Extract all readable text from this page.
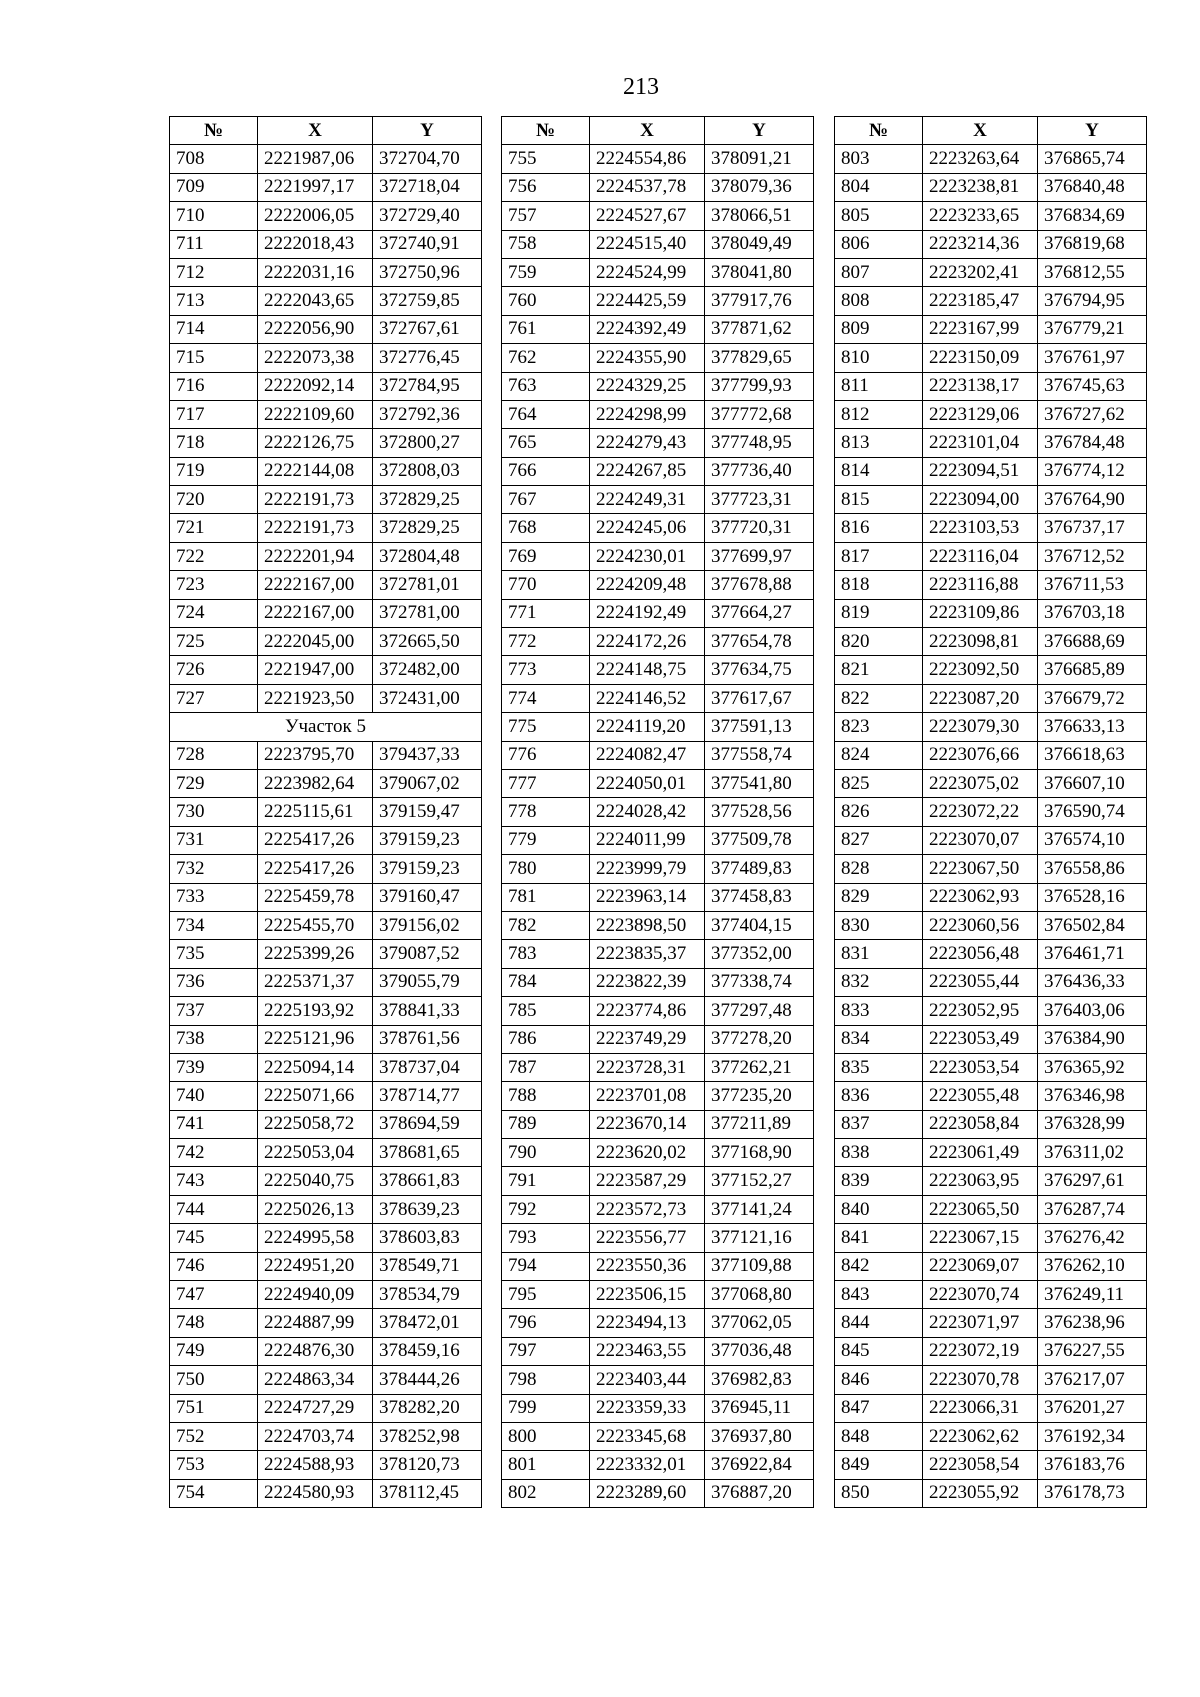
213
№	X	Y
708	2221987,06	372704,70
709	2221997,17	372718,04
710	2222006,05	372729,40
711	2222018,43	372740,91
712	2222031,16	372750,96
713	2222043,65	372759,85
714	2222056,90	372767,61
715	2222073,38	372776,45
716	2222092,14	372784,95
717	2222109,60	372792,36
718	2222126,75	372800,27
719	2222144,08	372808,03
720	2222191,73	372829,25
721	2222191,73	372829,25
722	2222201,94	372804,48
723	2222167,00	372781,01
724	2222167,00	372781,00
725	2222045,00	372665,50
726	2221947,00	372482,00
727	2221923,50	372431,00
Участок 5		
728	2223795,70	379437,33
729	2223982,64	379067,02
730	2225115,61	379159,47
731	2225417,26	379159,23
732	2225417,26	379159,23
733	2225459,78	379160,47
734	2225455,70	379156,02
735	2225399,26	379087,52
736	2225371,37	379055,79
737	2225193,92	378841,33
738	2225121,96	378761,56
739	2225094,14	378737,04
740	2225071,66	378714,77
741	2225058,72	378694,59
742	2225053,04	378681,65
743	2225040,75	378661,83
744	2225026,13	378639,23
745	2224995,58	378603,83
746	2224951,20	378549,71
747	2224940,09	378534,79
748	2224887,99	378472,01
749	2224876,30	378459,16
750	2224863,34	378444,26
751	2224727,29	378282,20
752	2224703,74	378252,98
753	2224588,93	378120,73
754	2224580,93	378112,45
№	X	Y
755	2224554,86	378091,21
756	2224537,78	378079,36
757	2224527,67	378066,51
758	2224515,40	378049,49
759	2224524,99	378041,80
760	2224425,59	377917,76
761	2224392,49	377871,62
762	2224355,90	377829,65
763	2224329,25	377799,93
764	2224298,99	377772,68
765	2224279,43	377748,95
766	2224267,85	377736,40
767	2224249,31	377723,31
768	2224245,06	377720,31
769	2224230,01	377699,97
770	2224209,48	377678,88
771	2224192,49	377664,27
772	2224172,26	377654,78
773	2224148,75	377634,75
774	2224146,52	377617,67
775	2224119,20	377591,13
776	2224082,47	377558,74
777	2224050,01	377541,80
778	2224028,42	377528,56
779	2224011,99	377509,78
780	2223999,79	377489,83
781	2223963,14	377458,83
782	2223898,50	377404,15
783	2223835,37	377352,00
784	2223822,39	377338,74
785	2223774,86	377297,48
786	2223749,29	377278,20
787	2223728,31	377262,21
788	2223701,08	377235,20
789	2223670,14	377211,89
790	2223620,02	377168,90
791	2223587,29	377152,27
792	2223572,73	377141,24
793	2223556,77	377121,16
794	2223550,36	377109,88
795	2223506,15	377068,80
796	2223494,13	377062,05
797	2223463,55	377036,48
798	2223403,44	376982,83
799	2223359,33	376945,11
800	2223345,68	376937,80
801	2223332,01	376922,84
802	2223289,60	376887,20
№	X	Y
803	2223263,64	376865,74
804	2223238,81	376840,48
805	2223233,65	376834,69
806	2223214,36	376819,68
807	2223202,41	376812,55
808	2223185,47	376794,95
809	2223167,99	376779,21
810	2223150,09	376761,97
811	2223138,17	376745,63
812	2223129,06	376727,62
813	2223101,04	376784,48
814	2223094,51	376774,12
815	2223094,00	376764,90
816	2223103,53	376737,17
817	2223116,04	376712,52
818	2223116,88	376711,53
819	2223109,86	376703,18
820	2223098,81	376688,69
821	2223092,50	376685,89
822	2223087,20	376679,72
823	2223079,30	376633,13
824	2223076,66	376618,63
825	2223075,02	376607,10
826	2223072,22	376590,74
827	2223070,07	376574,10
828	2223067,50	376558,86
829	2223062,93	376528,16
830	2223060,56	376502,84
831	2223056,48	376461,71
832	2223055,44	376436,33
833	2223052,95	376403,06
834	2223053,49	376384,90
835	2223053,54	376365,92
836	2223055,48	376346,98
837	2223058,84	376328,99
838	2223061,49	376311,02
839	2223063,95	376297,61
840	2223065,50	376287,74
841	2223067,15	376276,42
842	2223069,07	376262,10
843	2223070,74	376249,11
844	2223071,97	376238,96
845	2223072,19	376227,55
846	2223070,78	376217,07
847	2223066,31	376201,27
848	2223062,62	376192,34
849	2223058,54	376183,76
850	2223055,92	376178,73
